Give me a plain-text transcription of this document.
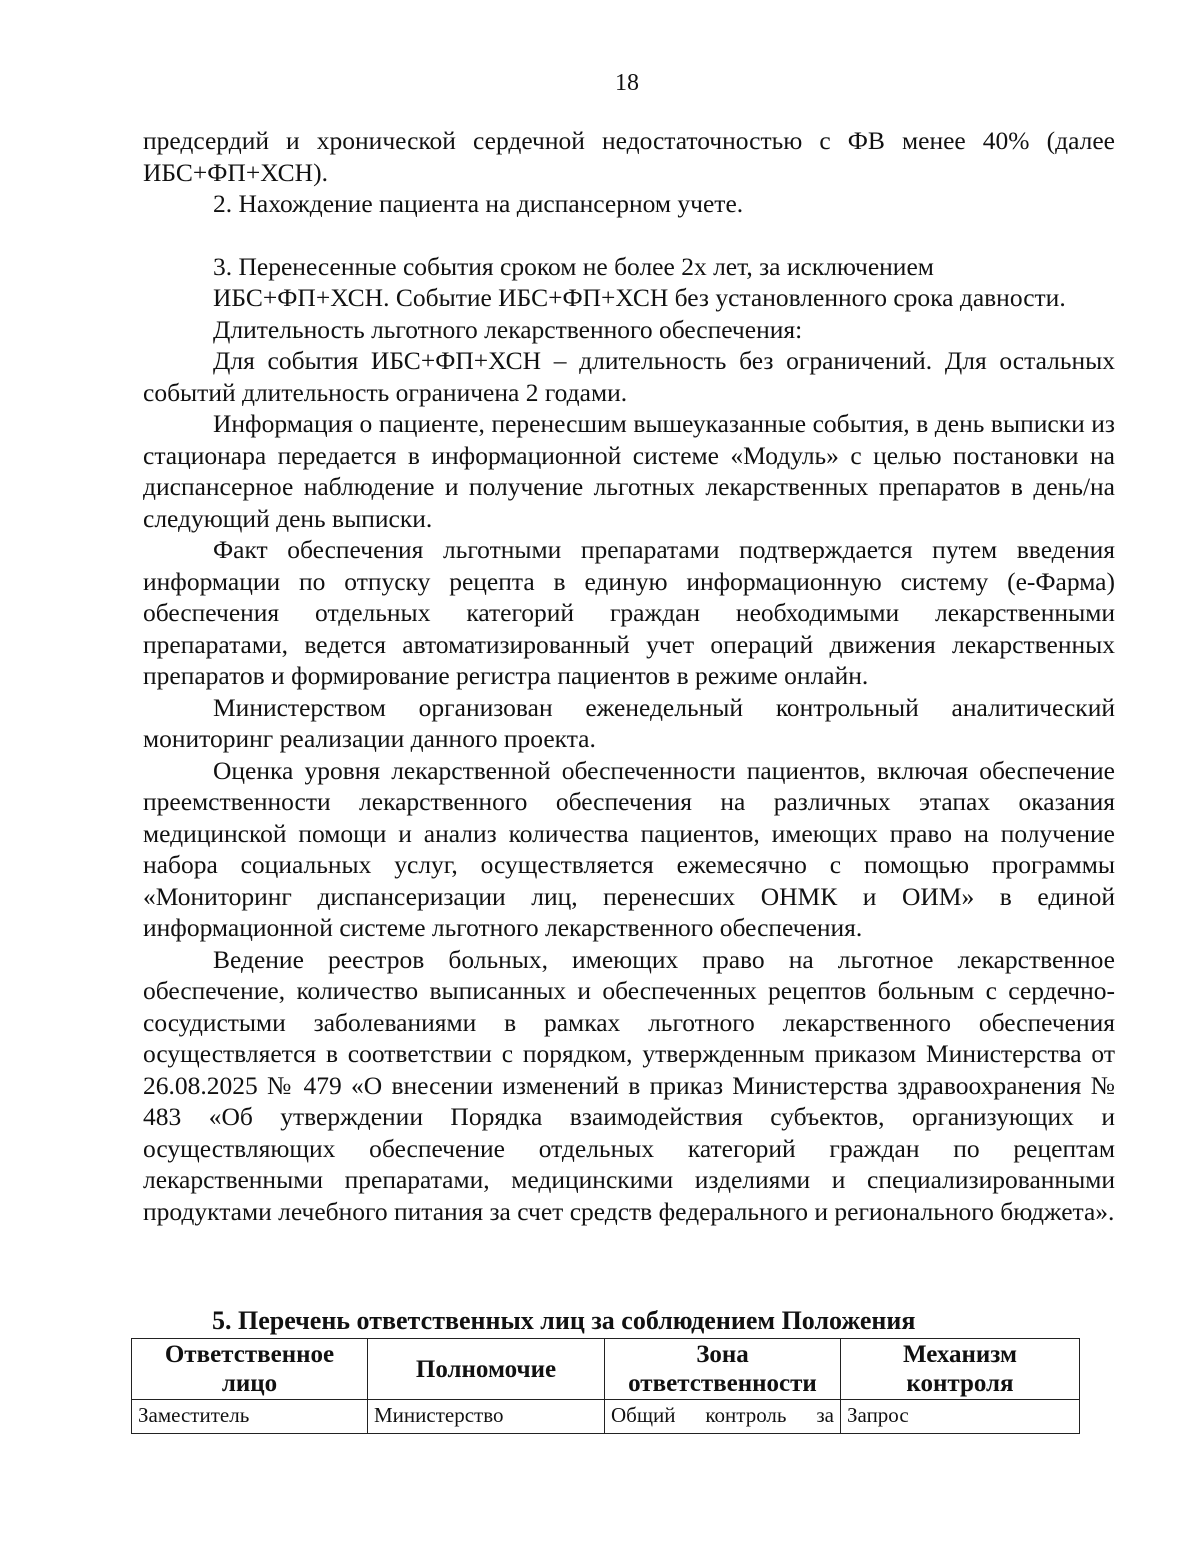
18

предсердий и хронической сердечной недостаточностью с ФВ менее 40% (далее ИБС+ФП+ХСН).

2. Нахождение пациента на диспансерном учете.

3. Перенесенные события сроком не более 2х лет, за исключением

ИБС+ФП+ХСН. Событие ИБС+ФП+ХСН без установленного срока давности.

Длительность льготного лекарственного обеспечения:

Для события ИБС+ФП+ХСН – длительность без ограничений. Для остальных событий длительность ограничена 2 годами.

Информация о пациенте, перенесшим вышеуказанные события, в день выписки из стационара передается в информационной системе «Модуль» с целью постановки на диспансерное наблюдение и получение льготных лекарственных препаратов в день/на следующий день выписки.

Факт обеспечения льготными препаратами подтверждается путем введения информации по отпуску рецепта в единую информационную систему (е-Фарма) обеспечения отдельных категорий граждан необходимыми лекарственными препаратами, ведется автоматизированный учет операций движения лекарственных препаратов и формирование регистра пациентов в режиме онлайн.

Министерством организован еженедельный контрольный аналитический мониторинг реализации данного проекта.

Оценка уровня лекарственной обеспеченности пациентов, включая обеспечение преемственности лекарственного обеспечения на различных этапах оказания медицинской помощи и анализ количества пациентов, имеющих право на получение набора социальных услуг, осуществляется ежемесячно с помощью программы «Мониторинг диспансеризации лиц, перенесших ОНМК и ОИМ» в единой информационной системе льготного лекарственного обеспечения.

Ведение реестров больных, имеющих право на льготное лекарственное обеспечение, количество выписанных и обеспеченных рецептов больным с сердечно-сосудистыми заболеваниями в рамках льготного лекарственного обеспечения осуществляется в соответствии с порядком, утвержденным приказом Министерства от 26.08.2025 № 479 «О внесении изменений в приказ Министерства здравоохранения № 483 «Об утверждении Порядка взаимодействия субъектов, организующих и осуществляющих обеспечение отдельных категорий граждан по рецептам лекарственными препаратами, медицинскими изделиями и специализированными продуктами лечебного питания за счет средств федерального и регионального бюджета».

5. Перечень ответственных лиц за соблюдением Положения
Ответственное лицо	Полномочие	Зона ответственности	Механизм контроля
Заместитель	Министерство	Общий контроль за	Запрос
